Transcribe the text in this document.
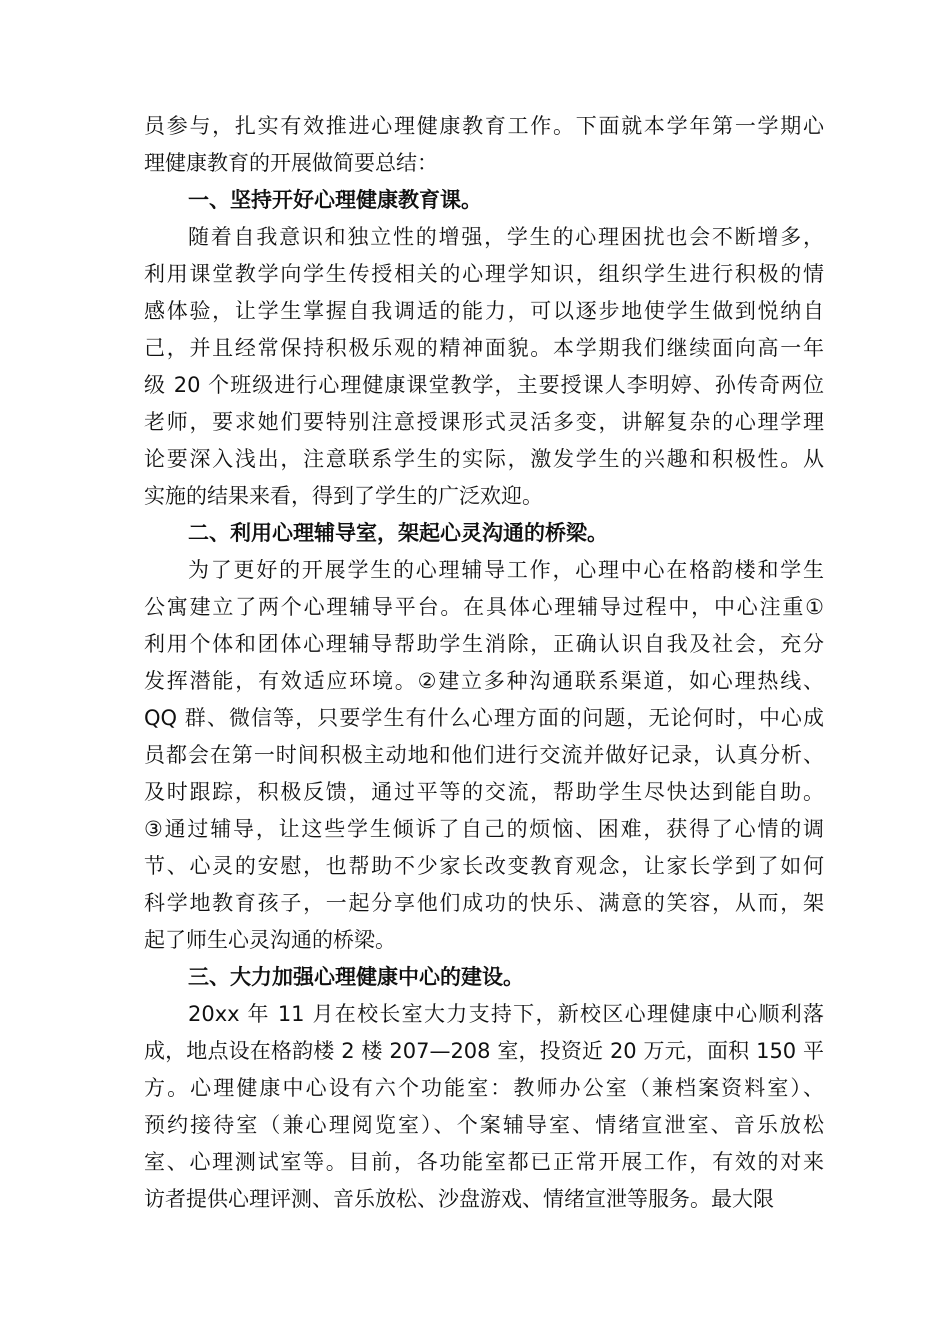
员参与，扎实有效推进心理健康教育工作。下面就本学年第一学期心
理健康教育的开展做简要总结：
一、坚持开好心理健康教育课。
随着自我意识和独立性的增强，学生的心理困扰也会不断增多，
利用课堂教学向学生传授相关的心理学知识，组织学生进行积极的情
感体验，让学生掌握自我调适的能力，可以逐步地使学生做到悦纳自
己，并且经常保持积极乐观的精神面貌。本学期我们继续面向高一年
级 20 个班级进行心理健康课堂教学，主要授课人李明婷、孙传奇两位
老师，要求她们要特别注意授课形式灵活多变，讲解复杂的心理学理
论要深入浅出，注意联系学生的实际，激发学生的兴趣和积极性。从
实施的结果来看，得到了学生的广泛欢迎。
二、利用心理辅导室，架起心灵沟通的桥梁。
为了更好的开展学生的心理辅导工作，心理中心在格韵楼和学生
公寓建立了两个心理辅导平台。在具体心理辅导过程中，中心注重①
利用个体和团体心理辅导帮助学生消除，正确认识自我及社会，充分
发挥潜能，有效适应环境。②建立多种沟通联系渠道，如心理热线、
QQ 群、微信等，只要学生有什么心理方面的问题，无论何时，中心成
员都会在第一时间积极主动地和他们进行交流并做好记录，认真分析、
及时跟踪，积极反馈，通过平等的交流，帮助学生尽快达到能自助。
③通过辅导，让这些学生倾诉了自己的烦恼、困难，获得了心情的调
节、心灵的安慰，也帮助不少家长改变教育观念，让家长学到了如何
科学地教育孩子，一起分享他们成功的快乐、满意的笑容，从而，架
起了师生心灵沟通的桥梁。
三、大力加强心理健康中心的建设。
20xx 年 11 月在校长室大力支持下，新校区心理健康中心顺利落
成，地点设在格韵楼 2 楼 207—208 室，投资近 20 万元，面积 150 平
方。心理健康中心设有六个功能室：教师办公室（兼档案资料室）、
预约接待室（兼心理阅览室）、个案辅导室、情绪宣泄室、音乐放松
室、心理测试室等。目前，各功能室都已正常开展工作，有效的对来
访者提供心理评测、音乐放松、沙盘游戏、情绪宣泄等服务。最大限
